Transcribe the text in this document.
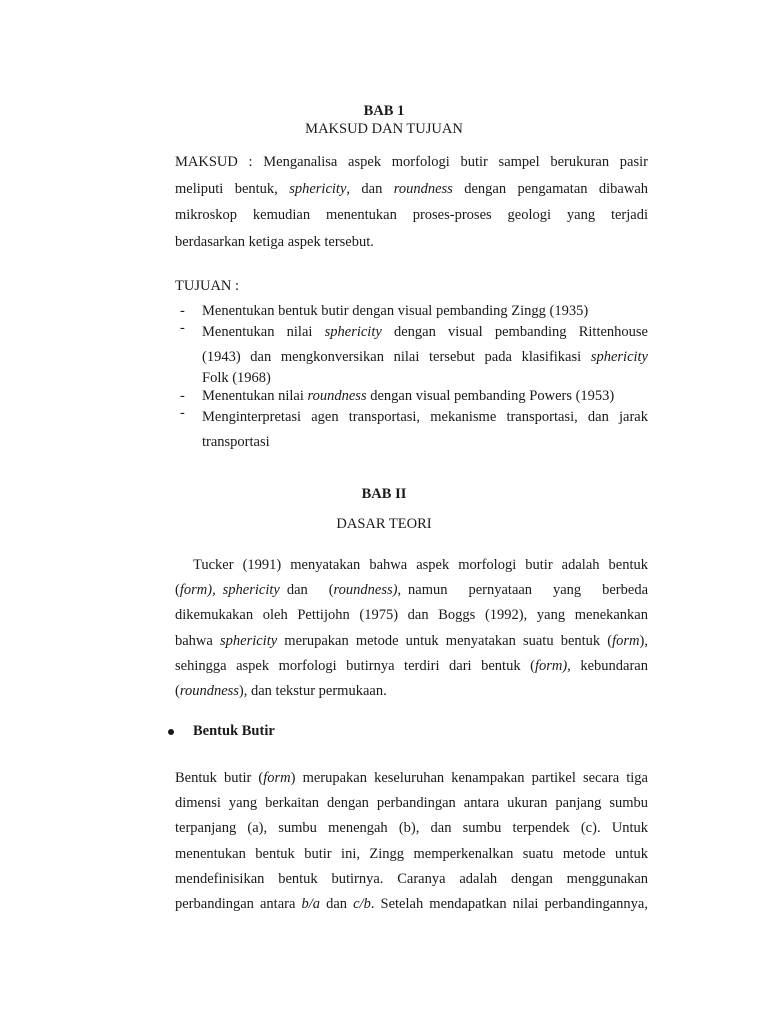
BAB 1
MAKSUD DAN TUJUAN
MAKSUD : Menganalisa aspek morfologi butir sampel berukuran pasir
meliputi bentuk, sphericity, dan roundness dengan pengamatan dibawah
mikroskop kemudian menentukan proses-proses geologi yang terjadi
berdasarkan ketiga aspek tersebut.
TUJUAN :
- Menentukan bentuk butir dengan visual pembanding Zingg (1935)
- Menentukan nilai sphericity dengan visual pembanding Rittenhouse
(1943) dan mengkonversikan nilai tersebut pada klasifikasi sphericity
Folk (1968)
- Menentukan nilai roundness dengan visual pembanding Powers (1953)
- Menginterpretasi agen transportasi, mekanisme transportasi, dan jarak
transportasi
BAB II
DASAR TEORI
Tucker (1991) menyatakan bahwa aspek morfologi butir adalah bentuk
(form), sphericity dan   (roundness), namun   pernyataan   yang   berbeda
dikemukakan oleh Pettijohn (1975) dan Boggs (1992), yang menekankan
bahwa sphericity merupakan metode untuk menyatakan suatu bentuk (form),
sehingga aspek morfologi butirnya terdiri dari bentuk (form), kebundaran
(roundness), dan tekstur permukaan.
Bentuk Butir
Bentuk butir (form) merupakan keseluruhan kenampakan partikel secara tiga
dimensi yang berkaitan dengan perbandingan antara ukuran panjang sumbu
terpanjang (a), sumbu menengah (b), dan sumbu terpendek (c). Untuk
menentukan bentuk butir ini, Zingg memperkenalkan suatu metode untuk
mendefinisikan bentuk butirnya. Caranya adalah dengan menggunakan
perbandingan antara b/a dan c/b. Setelah mendapatkan nilai perbandingannya,
